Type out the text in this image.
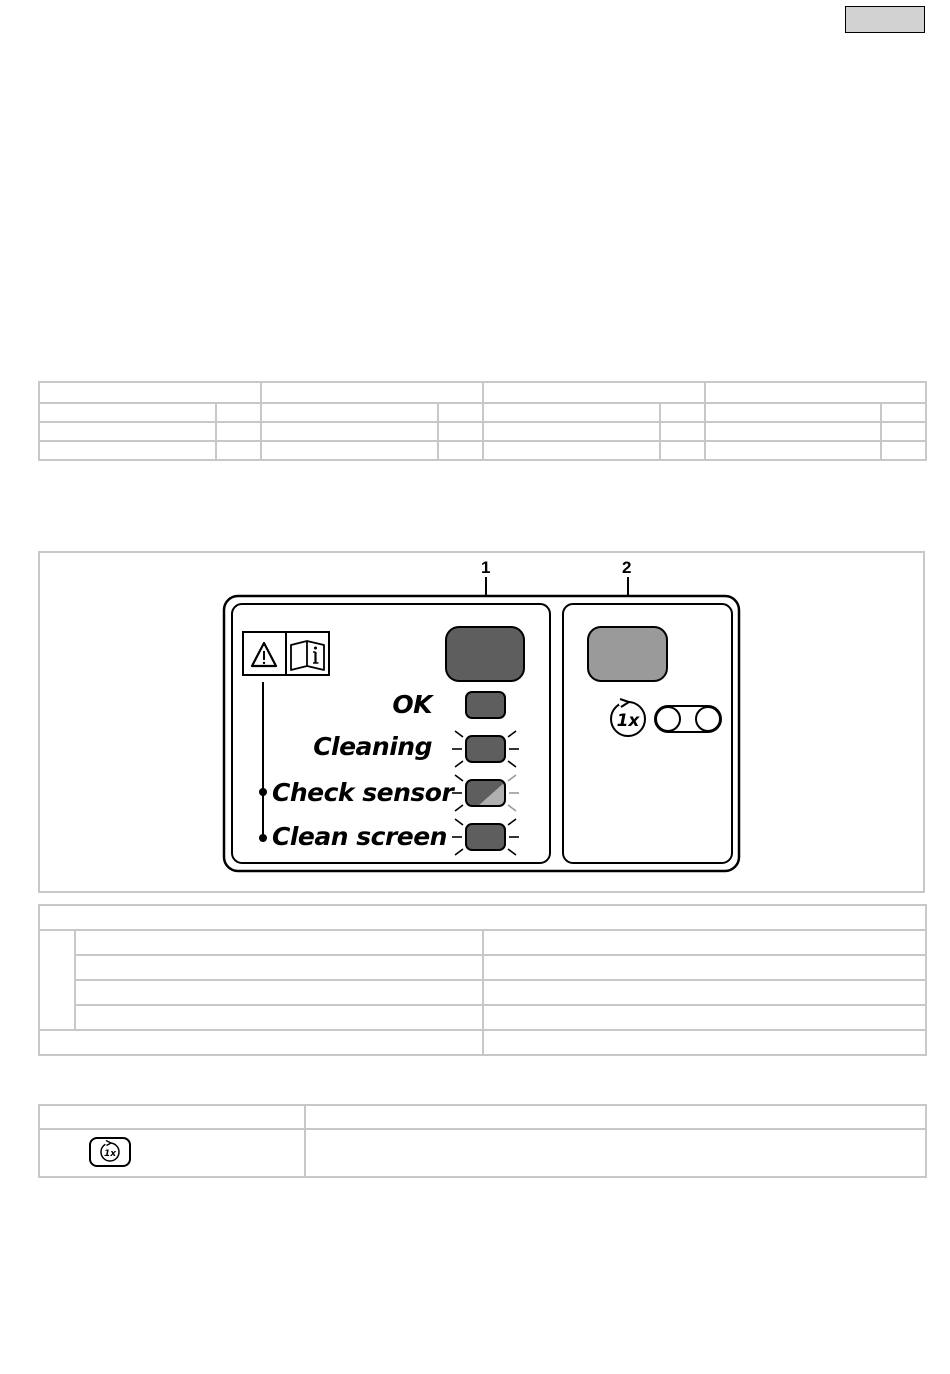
1	2
1x
OK
Cleaning
Check sensor
Clean screen

1x	
